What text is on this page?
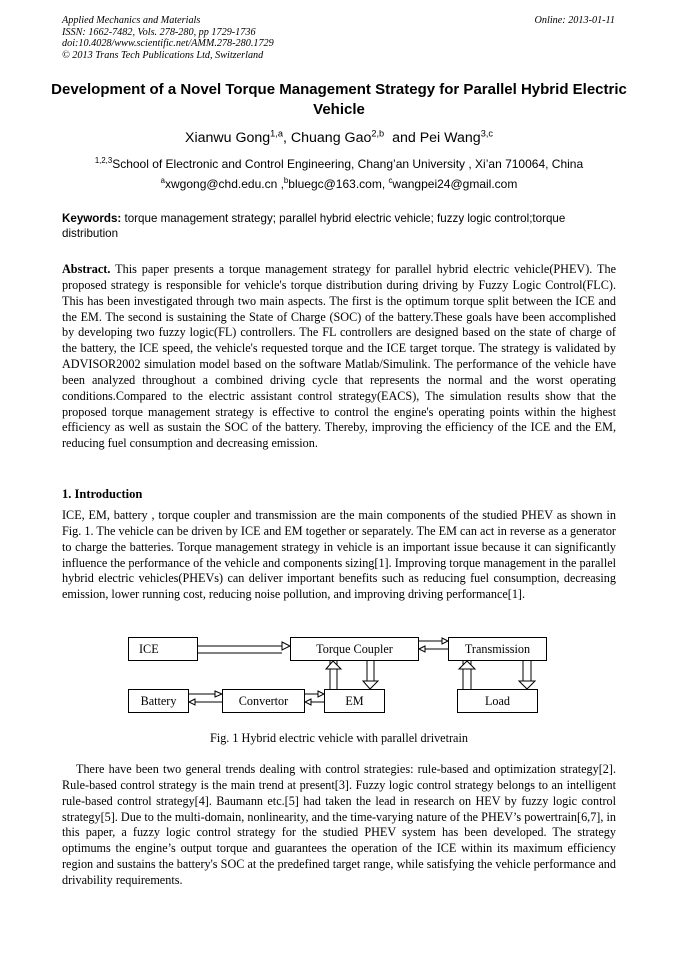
Applied Mechanics and Materials
ISSN: 1662-7482, Vols. 278-280, pp 1729-1736
doi:10.4028/www.scientific.net/AMM.278-280.1729
© 2013 Trans Tech Publications Ltd, Switzerland
Online: 2013-01-11
Development of a Novel Torque Management Strategy for Parallel Hybrid Electric Vehicle
Xianwu Gong$^{1,a}$, Chuang Gao$^{2,b}$ and Pei Wang$^{3,c}$
$^{1,2,3}$School of Electronic and Control Engineering, Chang’an University , Xi’an 710064, China
$^a$xwgong@chd.edu.cn ,$^b$bluegc@163.com, $^c$wangpei24@gmail.com
Keywords: torque management strategy; parallel hybrid electric vehicle; fuzzy logic control;torque distribution
Abstract. This paper presents a torque management strategy for parallel hybrid electric vehicle(PHEV). The proposed strategy is responsible for vehicle's torque distribution during driving by Fuzzy Logic Control(FLC). This has been investigated through two main aspects. The first is the optimum torque split between the ICE and the EM. The second is sustaining the State of Charge (SOC) of the battery.These goals have been accomplished by developing two fuzzy logic(FL) controllers. The FL controllers are designed based on the state of charge of the battery, the ICE speed, the vehicle's requested torque and the ICE target torque. The strategy is validated by ADVISOR2002 simulation model based on the software Matlab/Simulink. The performance of the vehicle have been analyzed throughout a combined driving cycle that represents the normal and the worst operating conditions.Compared to the electric assistant control strategy(EACS), The simulation results show that the proposed torque management strategy is effective to control the engine's operating points within the highest efficiency as well as sustain the SOC of the battery. Thereby, improving the efficiency of the ICE and the EM, reducing fuel consumption and decreasing emission.
1. Introduction
ICE, EM, battery , torque coupler and transmission are the main components of the studied PHEV as shown in Fig. 1. The vehicle can be driven by ICE and EM together or separately. The EM can act in reverse as a generator to charge the batteries. Torque management strategy in vehicle is an important issue because it can significantly influence the performance of the vehicle and components sizing[1]. Improving torque management in the parallel hybrid electric vehicles(PHEVs) can deliver important benefits such as reducing fuel consumption, decreasing emission, lower running cost, reducing noise pollution, and improving driving performance[1].
ICE	Torque Coupler	Transmission
Battery	Convertor	EM	Load
Fig. 1 Hybrid electric vehicle with parallel drivetrain
There have been two general trends dealing with control strategies: rule-based and optimization strategy[2]. Rule-based control strategy is the main trend at present[3]. Fuzzy logic control strategy belongs to an intelligent rule-based control strategy[4]. Baumann etc.[5] had taken the lead in research on HEV by fuzzy logic control strategy[5]. Due to the multi-domain, nonlinearity, and the time-varying nature of the PHEV’s powertrain[6,7], in this paper, a fuzzy logic control strategy for the studied PHEV system has been developed. The strategy optimums the engine’s output torque and guarantees the operation of the ICE within its maximum efficiency region and sustains the battery's SOC at the predefined target range, while satisfying the vehicle performance and drivability requirements.
